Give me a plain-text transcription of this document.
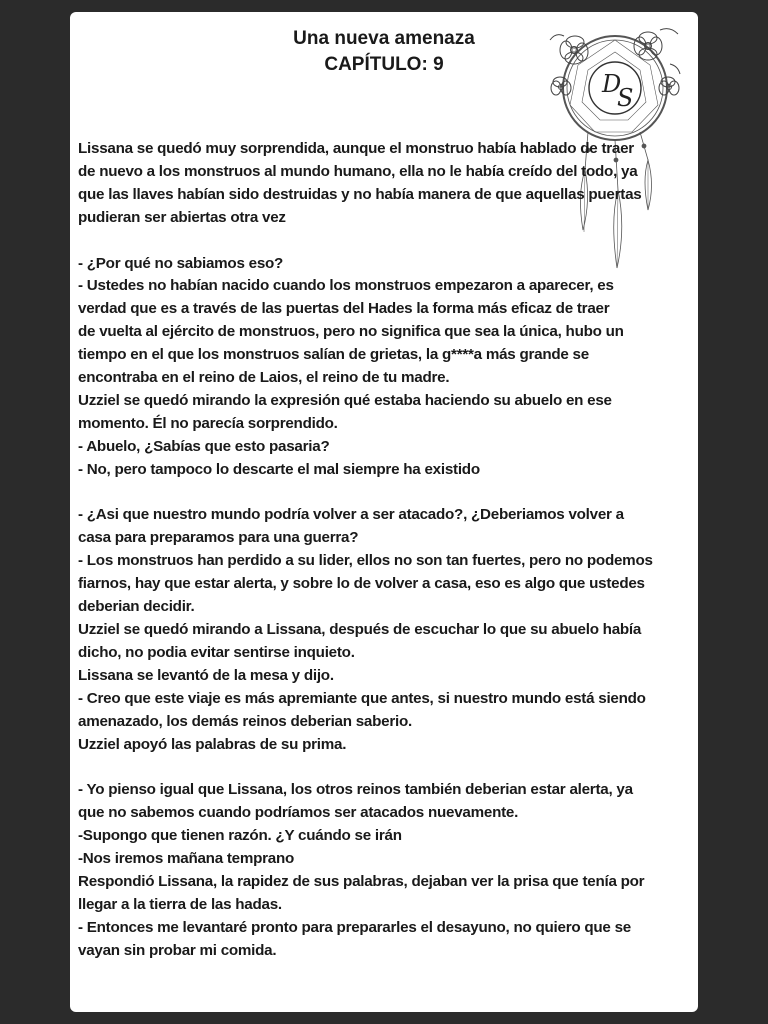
Una nueva amenaza
CAPÍTULO: 9
D
S
Lissana se quedó muy sorprendida, aunque el monstruo había hablado de traer
de nuevo a los monstruos al mundo humano, ella no le había creído del todo, ya
que las llaves habían sido destruidas y no había manera de que aquellas puertas
pudieran ser abiertas otra vez
- ¿Por qué no sabiamos eso?
- Ustedes no habían nacido cuando los monstruos empezaron a aparecer, es
verdad que es a través de las puertas del Hades la forma más eficaz de traer
de vuelta al ejército de monstruos, pero no significa que sea la única, hubo un
tiempo en el que los monstruos salían de grietas, la g****a más grande se
encontraba en el reino de Laios, el reino de tu madre.
Uzziel se quedó mirando la expresión qué estaba haciendo su abuelo en ese
momento. Él no parecía sorprendido.
- Abuelo, ¿Sabías que esto pasaria?
- No, pero tampoco lo descarte el mal siempre ha existido
- ¿Asi que nuestro mundo podría volver a ser atacado?, ¿Deberiamos volver a
casa para preparamos para una guerra?
- Los monstruos han perdido a su lider, ellos no son tan fuertes, pero no podemos
fiarnos, hay que estar alerta, y sobre lo de volver a casa, eso es algo que ustedes
deberian decidir.
Uzziel se quedó mirando a Lissana, después de escuchar lo que su abuelo había
dicho, no podia evitar sentirse inquieto.
Lissana se levantó de la mesa y dijo.
- Creo que este viaje es más apremiante que antes, si nuestro mundo está siendo
amenazado, los demás reinos deberian saberio.
Uzziel apoyó las palabras de su prima.
- Yo pienso igual que Lissana, los otros reinos también deberian estar alerta, ya
que no sabemos cuando podríamos ser atacados nuevamente.
-Supongo que tienen razón. ¿Y cuándo se irán
-Nos iremos mañana temprano
Respondió Lissana, la rapidez de sus palabras, dejaban ver la prisa que tenía por
llegar a la tierra de las hadas.
- Entonces me levantaré pronto para prepararles el desayuno, no quiero que se
vayan sin probar mi comida.
